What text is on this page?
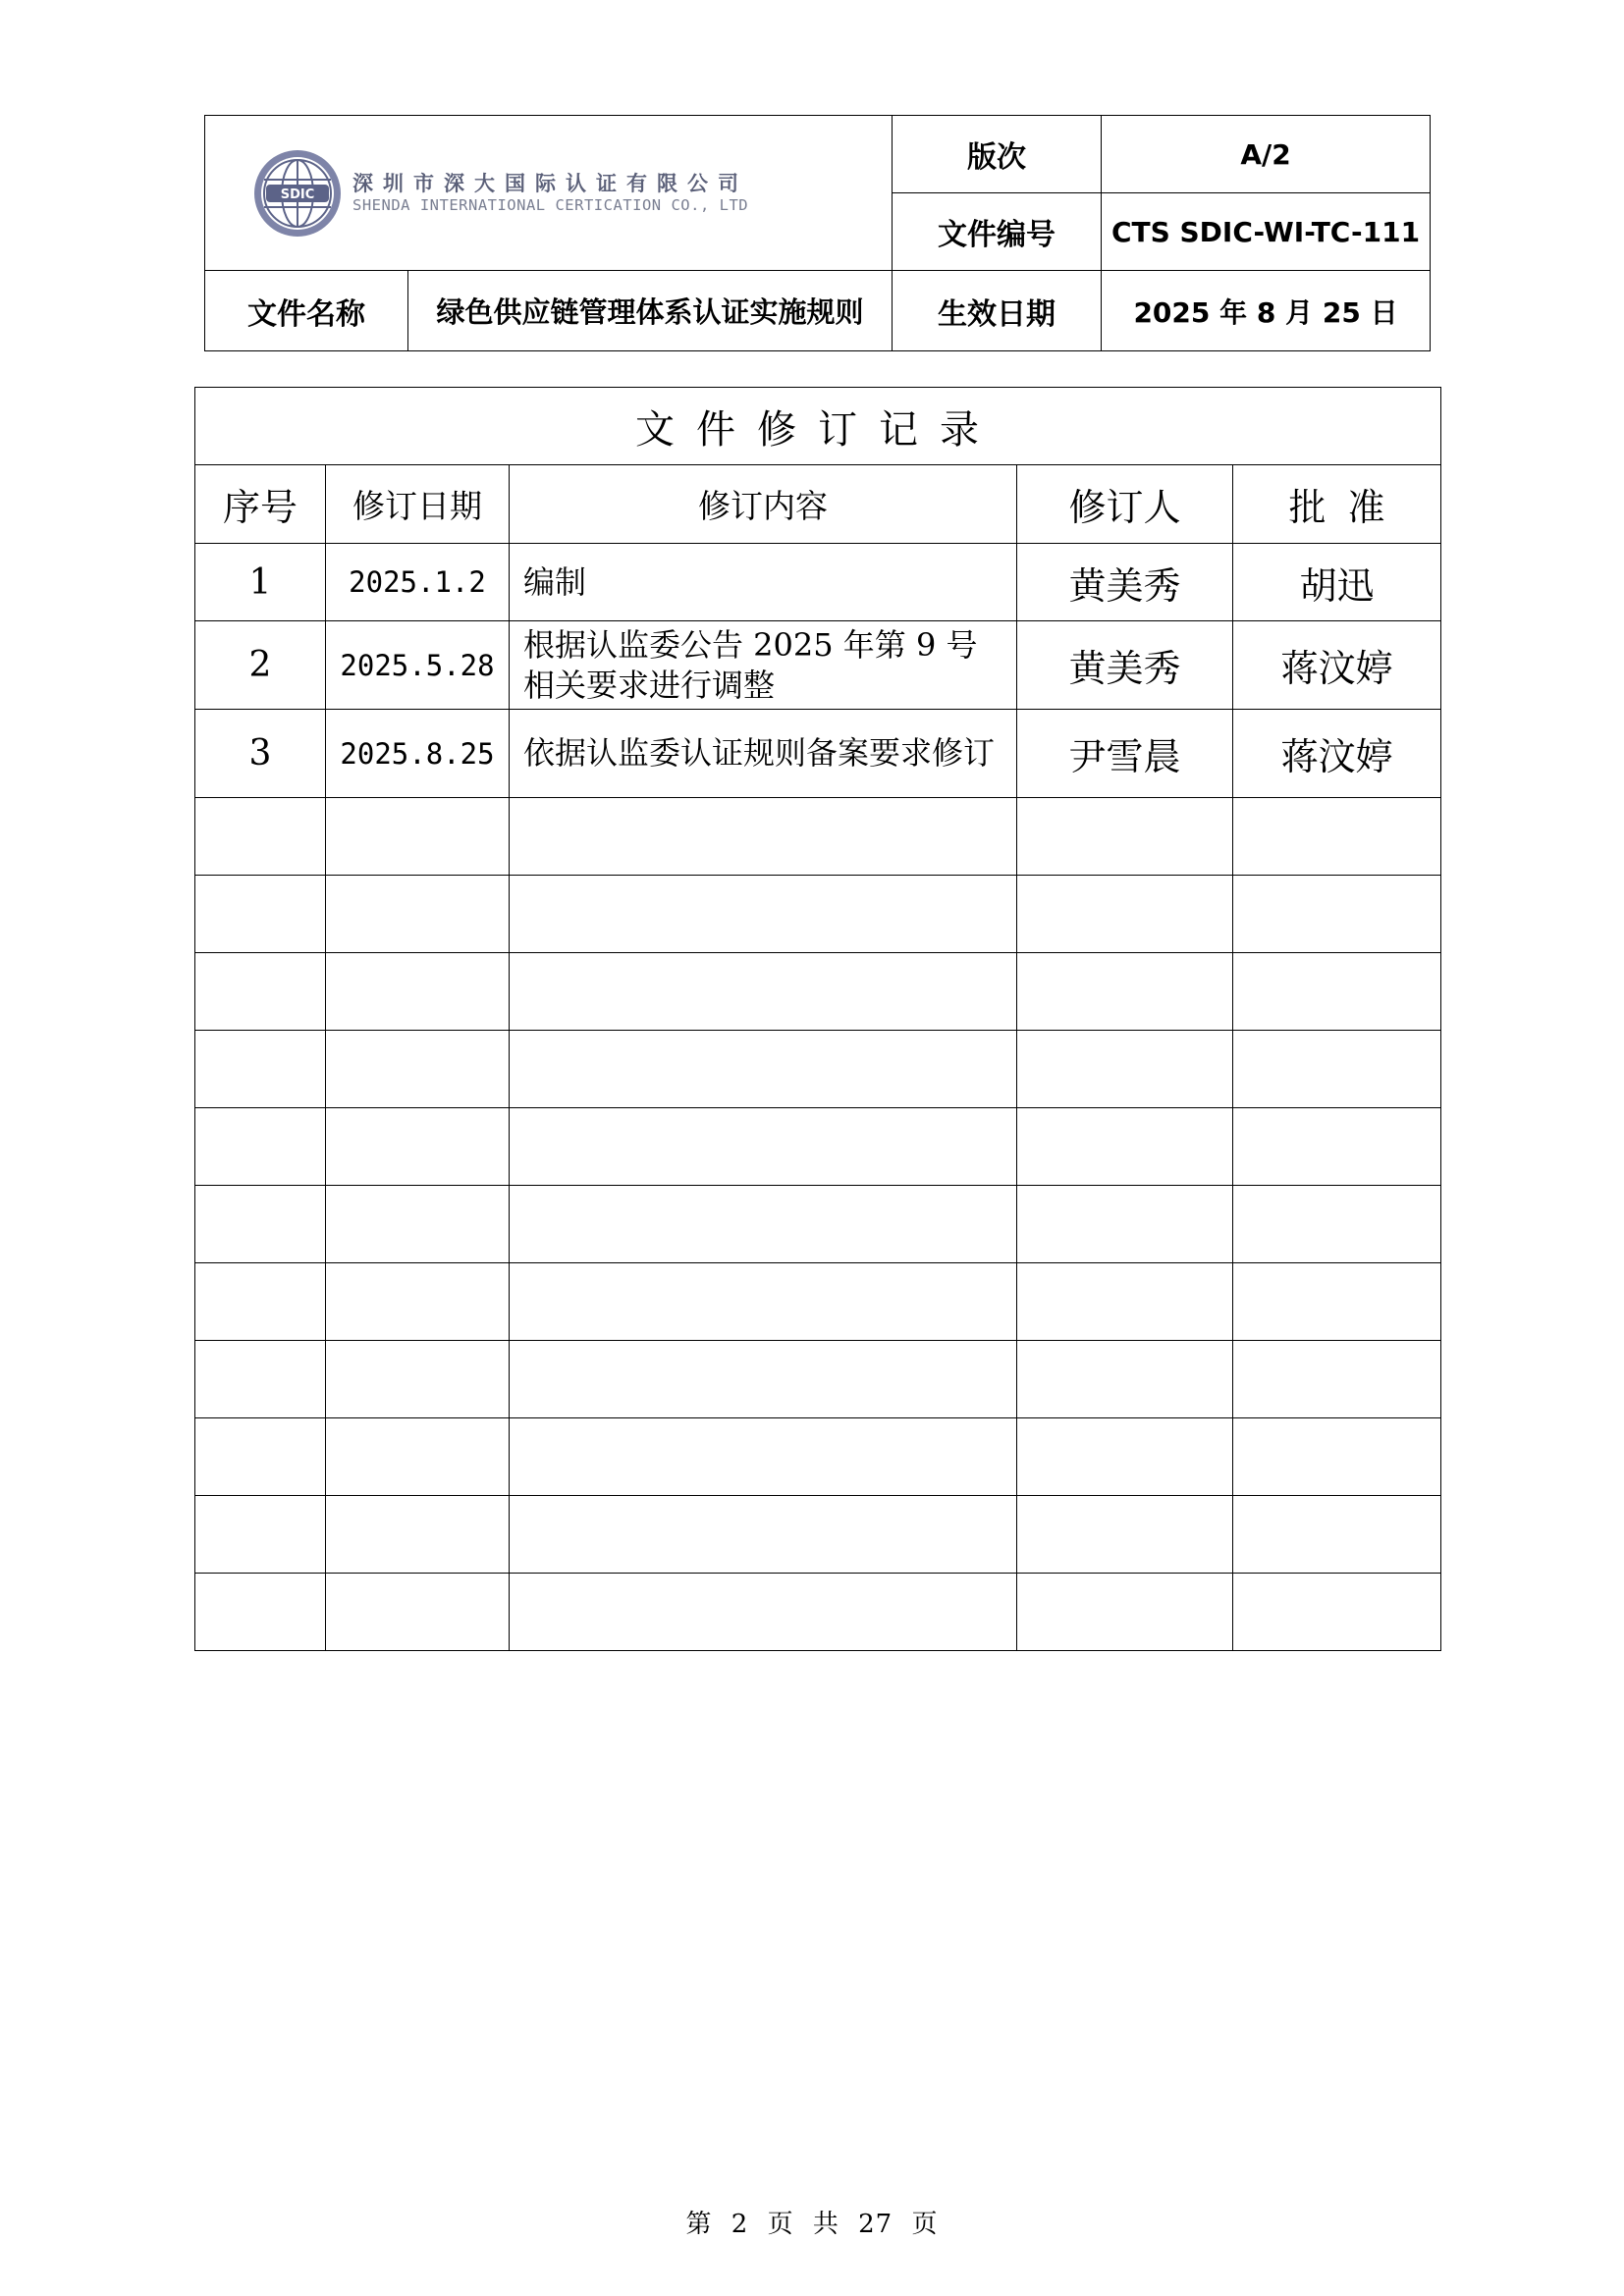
SDIC 深圳市深大国际认证有限公司
SHENDA INTERNATIONAL CERTICATION CO., LTD		版次	A/2
		文件编号	CTS SDIC-WI-TC-111
文件名称	绿色供应链管理体系认证实施规则	生效日期	2025 年 8 月 25 日
文件修订记录				
序号	修订日期	修订内容	修订人	批准
1	2025.1.2	编制	黄美秀	胡迅
2	2025.5.28	根据认监委公告 2025 年第 9 号相关要求进行调整	黄美秀	蒋汶婷
3	2025.8.25	依据认监委认证规则备案要求修订	尹雪晨	蒋汶婷

第 2 页 共 27 页
